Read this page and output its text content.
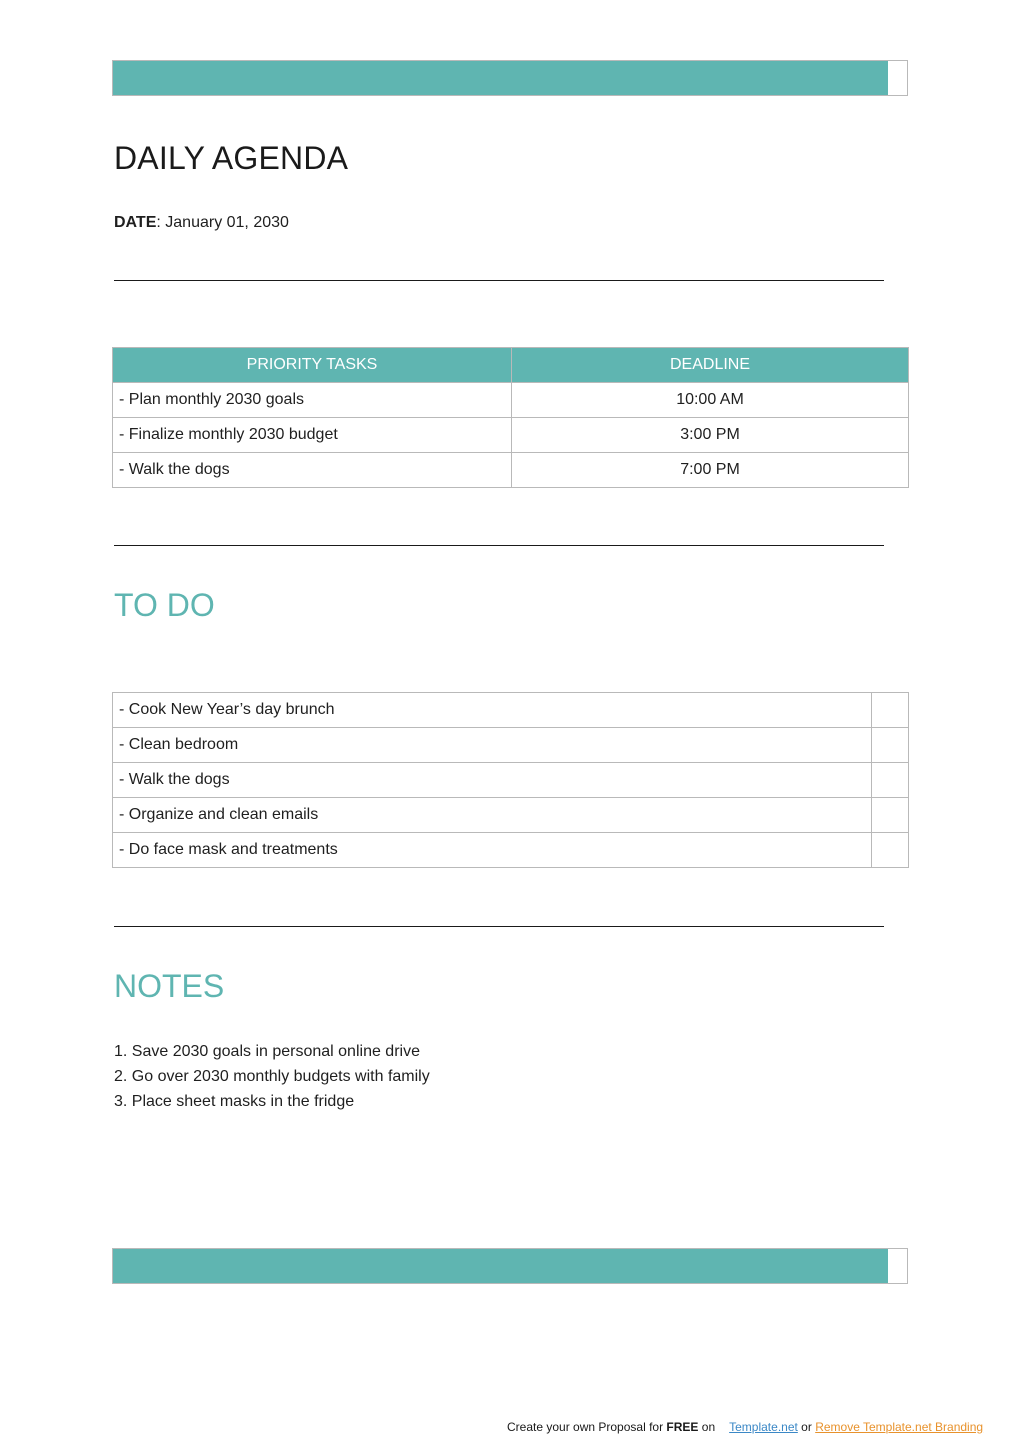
DAILY AGENDA
DATE: January 01, 2030
PRIORITY TASKS	DEADLINE
- Plan monthly 2030 goals	10:00 AM
- Finalize monthly 2030 budget	3:00 PM
- Walk the dogs	7:00 PM
TO DO
- Cook New Year’s day brunch	
- Clean bedroom	
- Walk the dogs	
- Organize and clean emails	
- Do face mask and treatments	
NOTES
1. Save 2030 goals in personal online drive
2. Go over 2030 monthly budgets with family
3. Place sheet masks in the fridge
Create your own Proposal for FREE on Template.net or Remove Template.net Branding
